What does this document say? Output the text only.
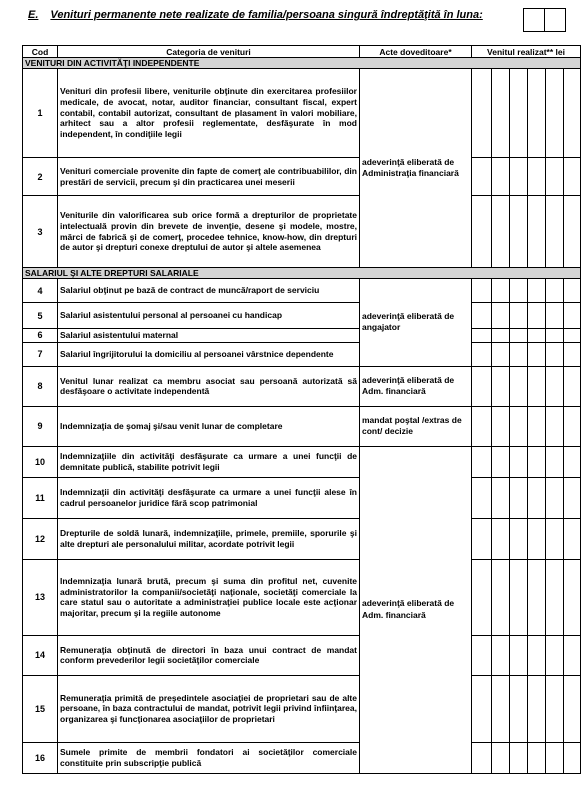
E. Venituri permanente nete realizate de familia/persoana singură îndreptăţită în luna:
Cod	Categoria de venituri	Acte doveditoare*	Venitul realizat** lei					
VENITURI DIN ACTIVITĂŢI INDEPENDENTE								
1	Venituri din profesii libere, veniturile obţinute din exercitarea profesiilor medicale, de avocat, notar, auditor financiar, consultant fiscal, expert contabil, contabil autorizat, consultant de plasament în valori mobiliare, arhitect sau a altor profesii reglementate, desfăşurate în mod independent, în condiţiile legii	adeverinţă eliberată de Administraţia financiară						
2	Venituri comerciale provenite din fapte de comerţ ale contribuabililor, din prestări de servicii, precum şi din practicarea unei meserii							
3	Veniturile din valorificarea sub orice formă a drepturilor de proprietate intelectuală provin din brevete de invenţie, desene şi modele, mostre, mărci de fabrică şi de comerţ, procedee tehnice, know-how, din drepturi de autor şi drepturi conexe dreptului de autor şi altele asemenea							
SALARIUL ŞI ALTE DREPTURI SALARIALE								
4	Salariul obţinut pe bază de contract de muncă/raport de serviciu	adeverinţă eliberată de angajator						
5	Salariul asistentului personal al persoanei cu handicap							
6	Salariul asistentului maternal							
7	Salariul îngrijitorului la domiciliu al persoanei vârstnice dependente							
8	Venitul lunar realizat ca membru asociat sau persoană autorizată să desfăşoare o activitate independentă	adeverinţă eliberată de Adm. financiară						
9	Indemnizaţia de şomaj şi/sau venit lunar de completare	mandat poştal /extras de cont/ decizie						
10	Indemnizaţiile din activităţi desfăşurate ca urmare a unei funcţii de demnitate publică, stabilite potrivit legii	adeverinţă eliberată de Adm. financiară						
11	Indemnizaţii din activităţi desfăşurate ca urmare a unei funcţii alese în cadrul persoanelor juridice fără scop patrimonial							
12	Drepturile de soldă lunară, indemnizaţiile, primele, premiile, sporurile şi alte drepturi ale personalului militar, acordate potrivit legii							
13	Indemnizaţia lunară brută, precum şi suma din profitul net, cuvenite administratorilor la companii/societăţi naţionale, societăţi comerciale la care statul sau o autoritate a administraţiei publice locale este acţionar majoritar, precum şi la regiile autonome							
14	Remuneraţia obţinută de directori în baza unui contract de mandat conform prevederilor legii societăţilor comerciale							
15	Remuneraţia primită de preşedintele asociaţiei de proprietari sau de alte persoane, în baza contractului de mandat, potrivit legii privind înfiinţarea, organizarea şi funcţionarea asociaţiilor de proprietari							
16	Sumele primite de membrii fondatori ai societăţilor comerciale constituite prin subscripţie publică							
